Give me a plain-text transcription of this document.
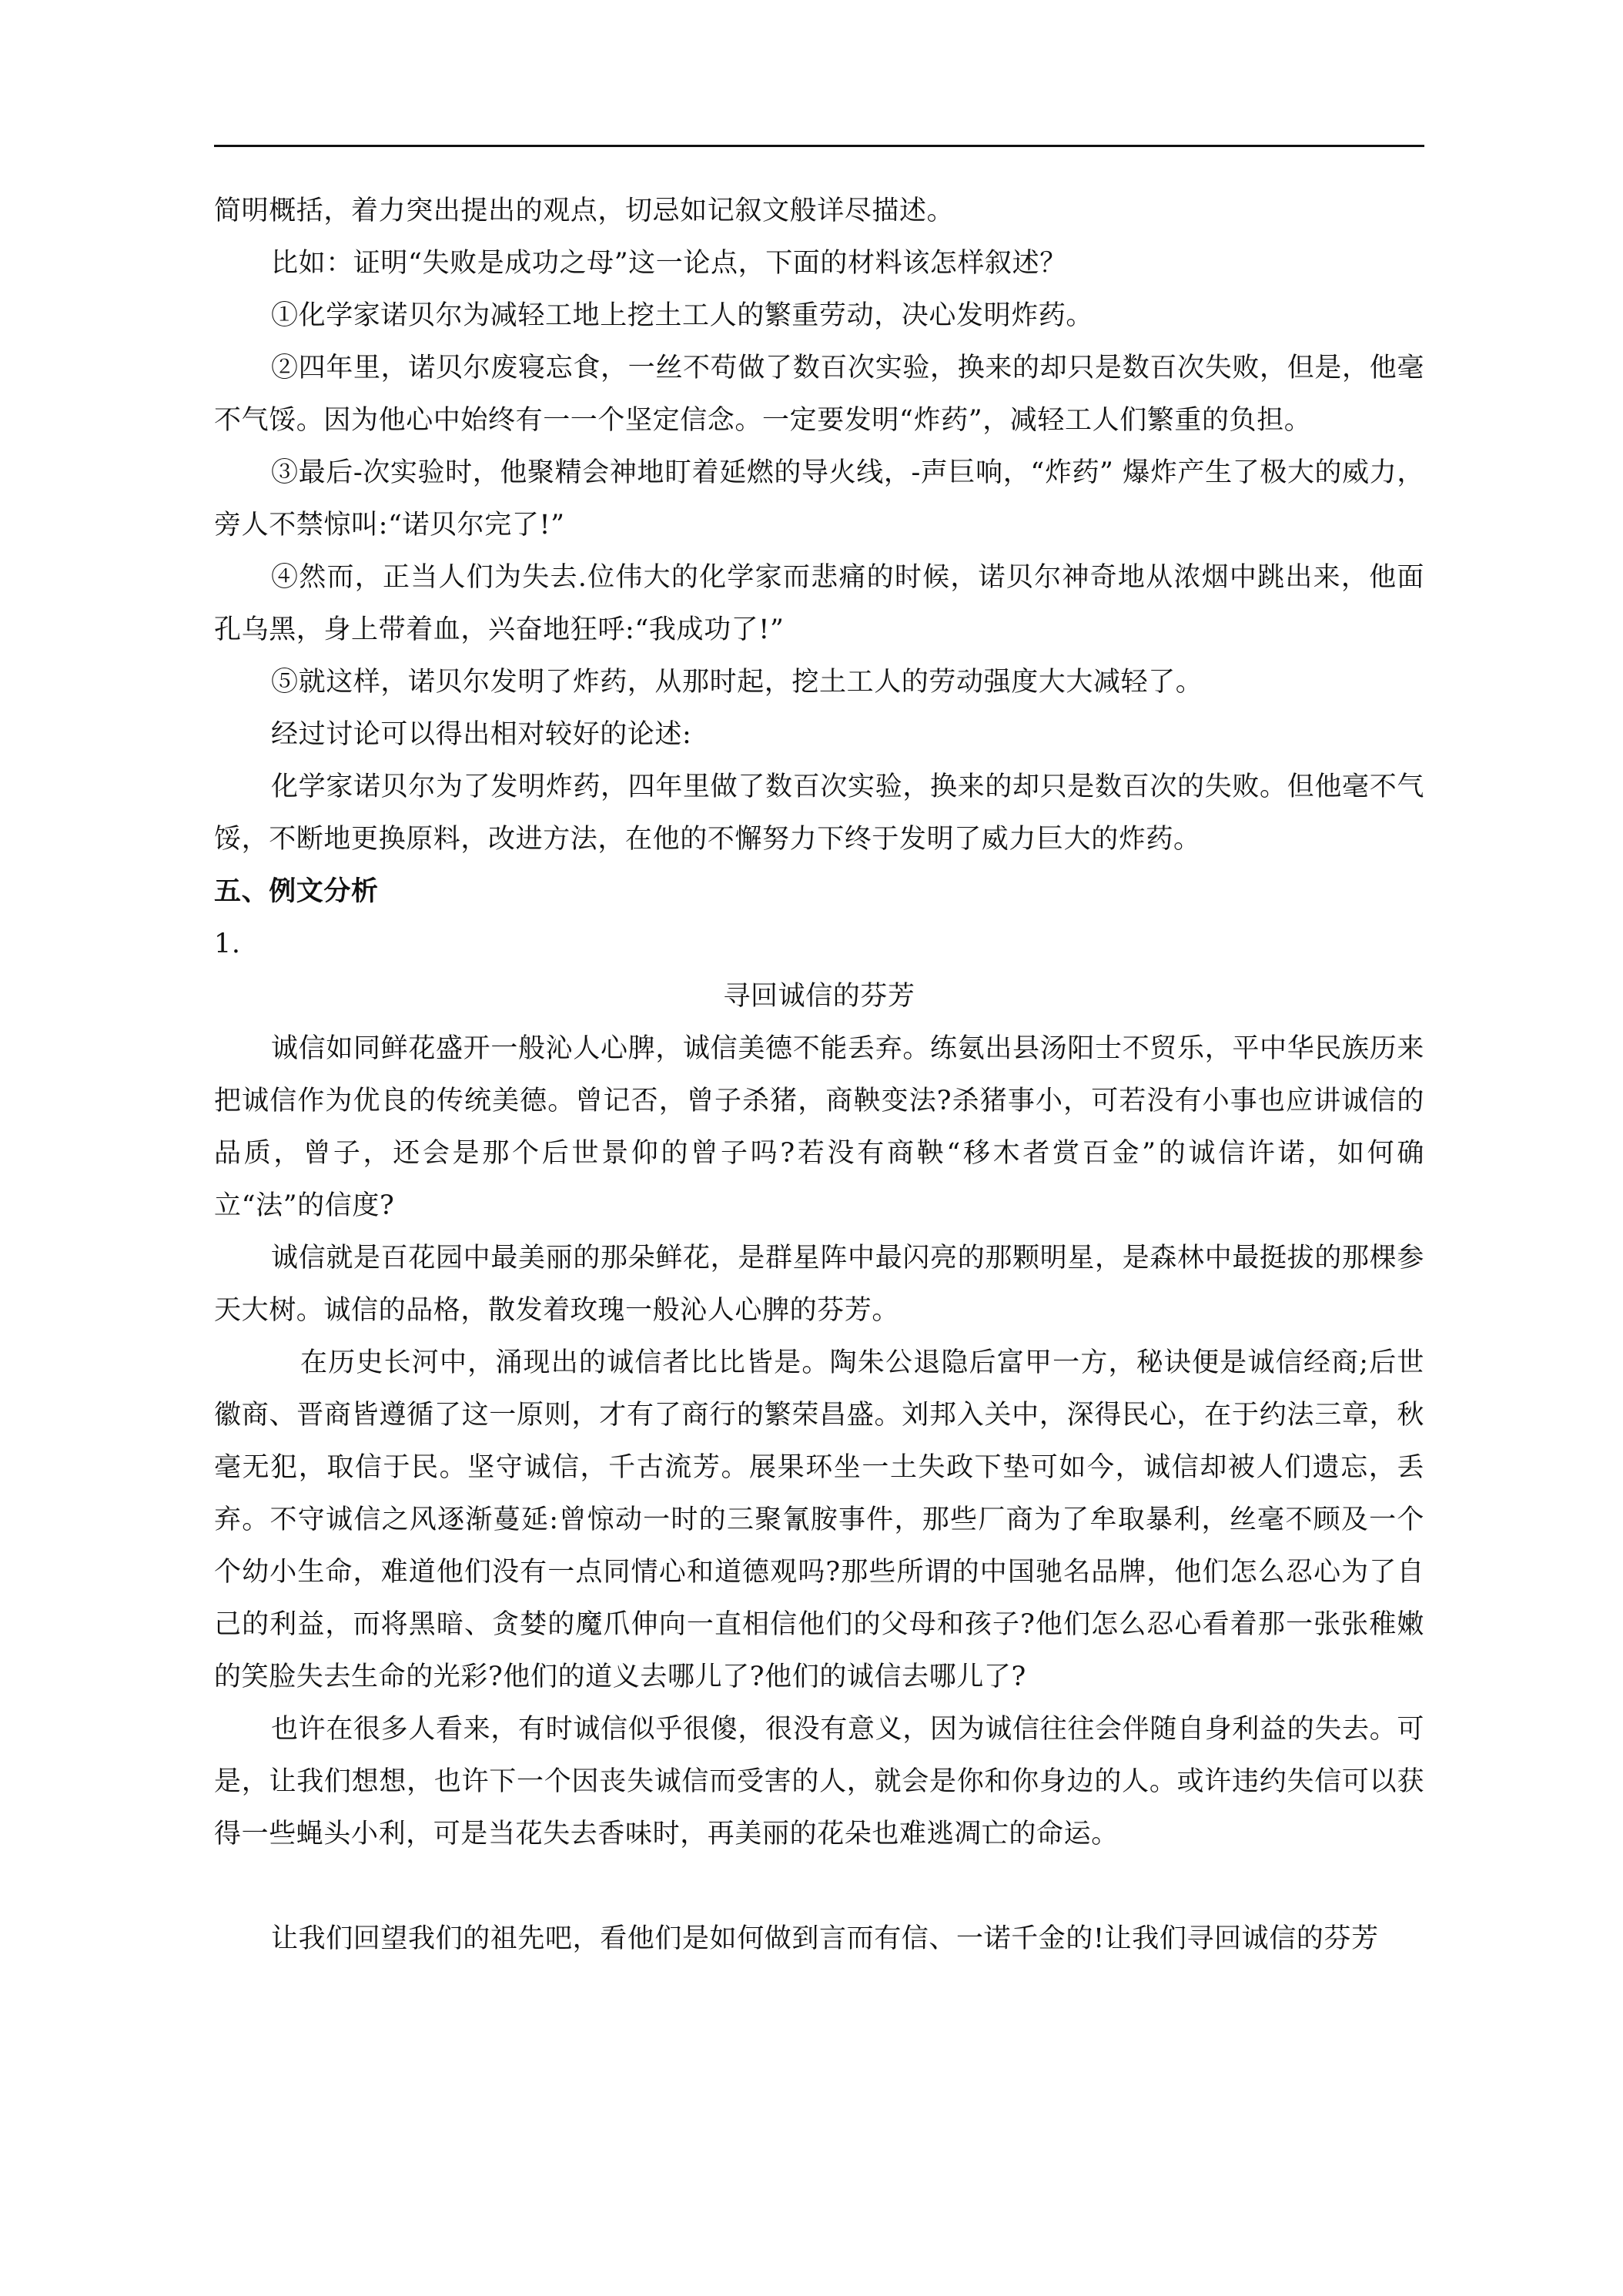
简明概括，着力突出提出的观点，切忌如记叙文般详尽描述。

比如：证明“失败是成功之母”这一论点，下面的材料该怎样叙述？

①化学家诺贝尔为减轻工地上挖土工人的繁重劳动，决心发明炸药。

②四年里，诺贝尔废寝忘食，一丝不苟做了数百次实验，换来的却只是数百次失败，但是，他毫不气馁。因为他心中始终有一一个坚定信念。一定要发明“炸药”，减轻工人们繁重的负担。

③最后-次实验时，他聚精会神地盯着延燃的导火线，-声巨响，“炸药” 爆炸产生了极大的威力，旁人不禁惊叫:“诺贝尔完了!”

④然而，正当人们为失去.位伟大的化学家而悲痛的时候，诺贝尔神奇地从浓烟中跳出来，他面孔乌黑，身上带着血，兴奋地狂呼:“我成功了!”

⑤就这样，诺贝尔发明了炸药，从那时起，挖土工人的劳动强度大大减轻了。

经过讨论可以得出相对较好的论述:

化学家诺贝尔为了发明炸药，四年里做了数百次实验，换来的却只是数百次的失败。但他毫不气馁，不断地更换原料，改进方法，在他的不懈努力下终于发明了威力巨大的炸药。

五、例文分析

1.

寻回诚信的芬芳

诚信如同鲜花盛开一般沁人心脾，诚信美德不能丢弃。练氨出县汤阳士不贸乐，平中华民族历来把诚信作为优良的传统美德。曾记否，曾子杀猪，商鞅变法?杀猪事小，可若没有小事也应讲诚信的品质，曾子，还会是那个后世景仰的曾子吗?若没有商鞅“移木者赏百金”的诚信许诺，如何确立“法”的信度?

诚信就是百花园中最美丽的那朵鲜花，是群星阵中最闪亮的那颗明星，是森林中最挺拔的那棵参天大树。诚信的品格，散发着玫瑰一般沁人心脾的芬芳。

在历史长河中，涌现出的诚信者比比皆是。陶朱公退隐后富甲一方，秘诀便是诚信经商;后世徽商、晋商皆遵循了这一原则，才有了商行的繁荣昌盛。刘邦入关中，深得民心，在于约法三章，秋毫无犯，取信于民。坚守诚信，千古流芳。展果环坐一土失政下垫可如今，诚信却被人们遗忘，丢弃。不守诚信之风逐渐蔓延:曾惊动一时的三聚氰胺事件，那些厂商为了牟取暴利，丝毫不顾及一个个幼小生命，难道他们没有一点同情心和道德观吗?那些所谓的中国驰名品牌，他们怎么忍心为了自己的利益，而将黑暗、贪婪的魔爪伸向一直相信他们的父母和孩子?他们怎么忍心看着那一张张稚嫩的笑脸失去生命的光彩?他们的道义去哪儿了?他们的诚信去哪儿了?

也许在很多人看来，有时诚信似乎很傻，很没有意义，因为诚信往往会伴随自身利益的失去。可是，让我们想想，也许下一个因丧失诚信而受害的人，就会是你和你身边的人。或许违约失信可以获得一些蝇头小利，可是当花失去香味时，再美丽的花朵也难逃凋亡的命运。

让我们回望我们的祖先吧，看他们是如何做到言而有信、一诺千金的!让我们寻回诚信的芬芳
